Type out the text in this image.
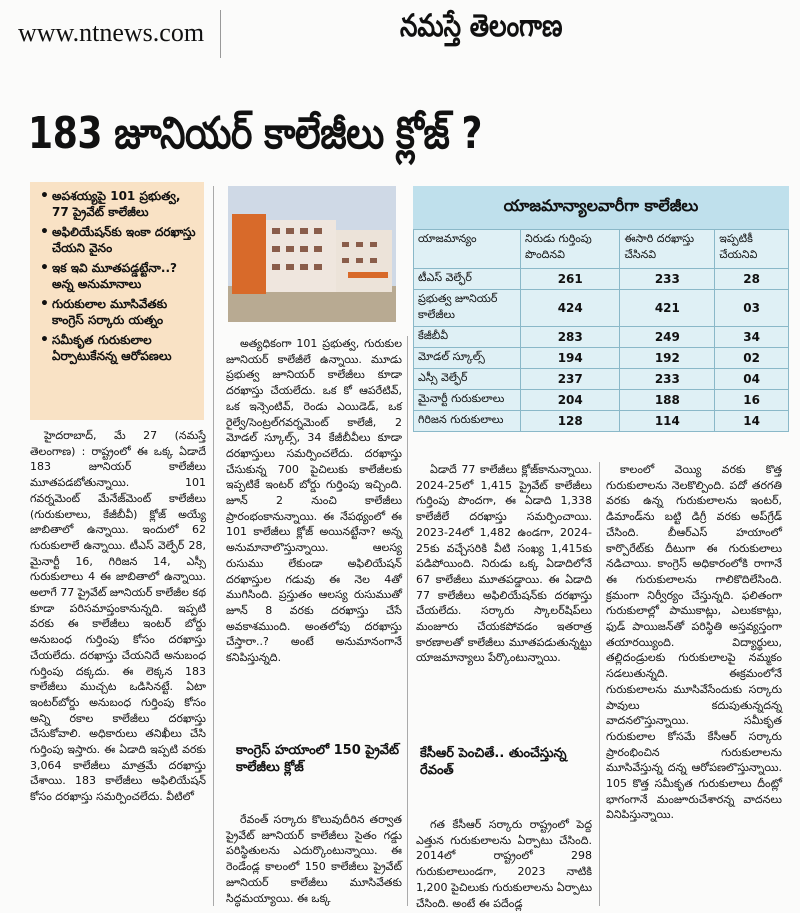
www.ntnews.com	నమస్తే తెలంగాణ
183 జూనియర్ కాలేజీలు క్లోజ్ ?
• అపశయ్యపై 101 ప్రభుత్వ, 77 ప్రైవేట్ కాలేజీలు
• అఫిలియేషన్‌కు ఇంకా దరఖాస్తు చేయని వైనం
• ఇక ఇవి మూతపడ్డట్టేనా..? అన్న అనుమానాలు
• గురుకులాల మూసివేతకు కాంగ్రెస్ సర్కారు యత్నం
• సమీకృత గురుకులాల ఏర్పాటుకేనన్న ఆరోపణలు
యాజమాన్యాలవారీగా కాలేజీలు
యాజమాన్యం	నిరుడు గుర్తింపు పొందినవి	ఈసారి దరఖాస్తు చేసినవి	ఇప్పటికీ చేయనివి
టీఎస్ వెల్ఫేర్	261	233	28
ప్రభుత్వ జూనియర్ కాలేజీలు	424	421	03
కేజీబీవీ	283	249	34
మోడల్ స్కూల్స్	194	192	02
ఎస్సీ వెల్ఫేర్	237	233	04
మైనార్టీ గురుకులాలు	204	188	16
గిరిజన గురుకులాలు	128	114	14

హైదరాబాద్, మే 27 (నమస్తే తెలంగాణ) : రాష్ట్రంలో ఈ ఒక్క ఏడాదే 183 జూనియర్ కాలేజీలు మూతపడబోతున్నాయి. 101 గవర్నమెంట్ మేనేజ్‌మెంట్ కాలేజీలు (గురుకులాలు, కేజీబీవీ) క్లోజ్ అయ్యే జాబితాలో ఉన్నాయి. ఇందులో 62 గురుకులాలే ఉన్నాయి. టీఎస్ వెల్ఫేర్ 28, మైనార్టీ 16, గిరిజన 14, ఎస్సీ గురుకులాలు 4 ఈ జాబితాలో ఉన్నాయి. అలాగే 77 ప్రైవేట్ జూనియర్ కాలేజీల కథ కూడా పరిసమాప్తంకానున్నది. ఇప్పటి వరకు ఈ కాలేజీలు ఇంటర్ బోర్డు అనుబంధ గుర్తింపు కోసం దరఖాస్తు చేయలేదు. దరఖాస్తు చేయనిదే అనుబంధ గుర్తింపు దక్కదు. ఈ లెక్కన 183 కాలేజీలు ముచ్చట ఒడిసినట్టే. ఏటా ఇంటర్‌బోర్డు అనుబంధ గుర్తింపు కోసం అన్ని రకాల కాలేజీలు దరఖాస్తు చేసుకోవాలి. అధికారులు తనిఖీలు చేసి గుర్తింపు ఇస్తారు. ఈ ఏడాది ఇప్పటి వరకు 3,064 కాలేజీలు మాత్రమే దరఖాస్తు చేశాయి. 183 కాలేజీలు అఫిలియేషన్ కోసం దరఖాస్తు సమర్పించలేదు. వీటిలో

అత్యధికంగా 101 ప్రభుత్వ, గురుకుల జూనియర్ కాలేజీలే ఉన్నాయి. మూడు ప్రభుత్వ జూనియర్ కాలేజీలు కూడా దరఖాస్తు చేయలేదు. ఒక కో ఆపరేటివ్, ఒక ఇన్సెంటివ్, రెండు ఎయిడెడ్, ఒక రైల్వే/సెంట్రల్‌గవర్నమెంట్ కాలేజీ, 2 మోడల్ స్కూల్స్, 34 కేజీబీవీలు కూడా దరఖాస్తులు సమర్పించలేదు. దరఖాస్తు చేసుకున్న 700 పైచిలుకు కాలేజీలకు ఇప్పటికే ఇంటర్ బోర్డు గుర్తింపు ఇచ్చింది. జూన్ 2 నుంచి కాలేజీలు ప్రారంభంకానున్నాయి. ఈ నేపథ్యంలో ఈ 101 కాలేజీలు క్లోజ్ అయినట్టేనా? అన్న అనుమానాలొస్తున్నాయి. ఆలస్య రుసుము లేకుండా అఫిలియేషన్ దరఖాస్తుల గడువు ఈ నెల 4తో ముగిసింది. ప్రస్తుతం ఆలస్య రుసుముతో జూన్ 8 వరకు దరఖాస్తు చేసే అవకాశముంది. అంతలోపు దరఖాస్తు చేస్తారా..? అంటే అనుమానంగానే కనిపిస్తున్నది.

కాంగ్రెస్ హయాంలో 150 ప్రైవేట్ కాలేజీలు క్లోజ్

రేవంత్ సర్కారు కొలువుదీరిన తర్వాత ప్రైవేట్ జూనియర్ కాలేజీలు సైతం గడ్డు పరిస్థితులను ఎదుర్కొంటున్నాయి. ఈ రెండేండ్ల కాలంలో 150 కాలేజీలు ప్రైవేట్ జూనియర్ కాలేజీలు మూసివేతకు సిద్ధమయ్యాయి. ఈ ఒక్క

ఏడాదే 77 కాలేజీలు క్లోజ్‌కానున్నాయి. 2024-25లో 1,415 ప్రైవేట్ కాలేజీలు గుర్తింపు పొందగా, ఈ ఏడాది 1,338 కాలేజీలే దరఖాస్తు సమర్పించాయి. 2023-24లో 1,482 ఉండగా, 2024-25కు వచ్చేసరికి వీటి సంఖ్య 1,415కు పడిపోయింది. నిరుడు ఒక్క ఏడాదిలోనే 67 కాలేజీలు మూతపడ్డాయి. ఈ ఏడాది 77 కాలేజీలు అఫిలియేషన్‌కు దరఖాస్తు చేయలేదు. సర్కారు స్కాలర్‌షిప్‌లు మంజూరు చేయకపోవడం ఇతరాత్ర కారణాలతో కాలేజీలు మూతపడుతున్నట్టు యాజమాన్యాలు పేర్కొంటున్నాయి.

కేసీఆర్ పెంచితే.. తుంచేస్తున్న రేవంత్

గత కేసీఆర్ సర్కారు రాష్ట్రంలో పెద్ద ఎత్తున గురుకులాలను ఏర్పాటు చేసింది. 2014లో రాష్ట్రంలో 298 గురుకులాలుండగా, 2023 నాటికి 1,200 పైచిలుకు గురుకులాలను ఏర్పాటు చేసింది. అంటే ఈ పదేండ్ల

కాలంలో వెయ్యి వరకు కొత్త గురుకులాలను నెలకొల్పింది. పదో తరగతి వరకు ఉన్న గురుకులాలను ఇంటర్, డిమాండ్‌ను బట్టి డిగ్రీ వరకు అప్‌గ్రేడ్ చేసింది. బీఆర్‌ఎస్ హయాంలో కార్పొరేట్‌కు దీటుగా ఈ గురుకులాలు నడిచాయి. కాంగ్రెస్ అధికారంలోకి రాగానే ఈ గురుకులాలను గాలికొదిలేసింది. క్రమంగా నిర్వీర్యం చేస్తున్నది. ఫలితంగా గురుకులాల్లో పాముకాట్లు, ఎలుకకాట్లు, ఫుడ్ పాయిజన్‌తో పరిస్థితి అస్తవ్యస్తంగా తయారయ్యింది. విద్యార్థులు, తల్లిదండ్రులకు గురుకులాలపై నమ్మకం సడలుతున్నది. ఈక్రమంలోనే గురుకులాలను మూసివేసేందుకు సర్కారు పావులు కదుపుతున్నదన్న వాదనలొస్తున్నాయి. సమీకృత గురుకులాల కోసమే కేసీఆర్ సర్కారు ప్రారంభించిన గురుకులాలను మూసివేస్తున్న దన్న ఆరోపణలొస్తున్నాయి. 105 కొత్త సమీకృత గురుకులాలు దీంట్లో భాగంగానే మంజూరుచేశారన్న వాదనలు వినిపిస్తున్నాయి.
